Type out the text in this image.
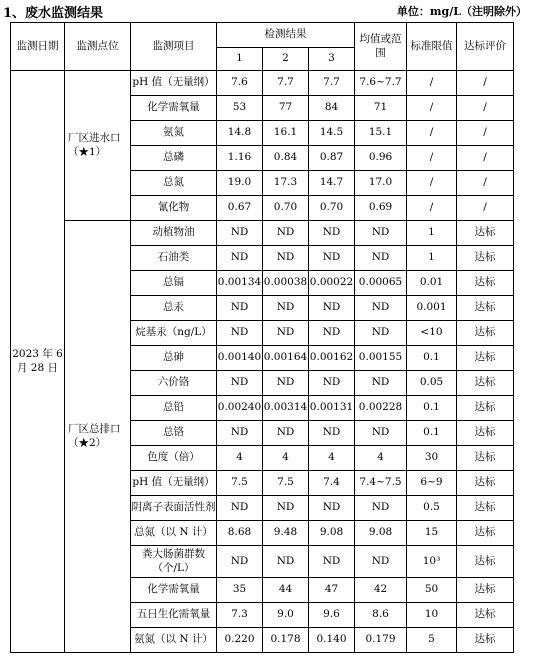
1、废水监测结果	单位：mg/L（注明除外）
监测日期	监测点位	监测项目	检测结果			均值或范围	标准限值	达标评价
			1	2	3			
2023 年 6 月 28 日	厂区进水口（★1）	pH 值（无量纲）	7.6	7.7	7.7	7.6~7.7	/	/
		化学需氧量	53	77	84	71	/	/
		氨氮	14.8	16.1	14.5	15.1	/	/
		总磷	1.16	0.84	0.87	0.96	/	/
		总氮	19.0	17.3	14.7	17.0	/	/
		氰化物	0.67	0.70	0.70	0.69	/	/
	厂区总排口（★2）	动植物油	ND	ND	ND	ND	1	达标
		石油类	ND	ND	ND	ND	1	达标
		总镉	0.00134	0.00038	0.00022	0.00065	0.01	达标
		总汞	ND	ND	ND	ND	0.001	达标
		烷基汞（ng/L）	ND	ND	ND	ND	<10	达标
		总砷	0.00140	0.00164	0.00162	0.00155	0.1	达标
		六价铬	ND	ND	ND	ND	0.05	达标
		总铅	0.00240	0.00314	0.00131	0.00228	0.1	达标
		总铬	ND	ND	ND	ND	0.1	达标
		色度（倍）	4	4	4	4	30	达标
		pH 值（无量纲）	7.5	7.5	7.4	7.4~7.5	6~9	达标
		阴离子表面活性剂	ND	ND	ND	ND	0.5	达标
		总氮（以 N 计）	8.68	9.48	9.08	9.08	15	达标
		粪大肠菌群数（个/L）	ND	ND	ND	ND	10³	达标
		化学需氧量	35	44	47	42	50	达标
		五日生化需氧量	7.3	9.0	9.6	8.6	10	达标
		氨氮（以 N 计）	0.220	0.178	0.140	0.179	5	达标
